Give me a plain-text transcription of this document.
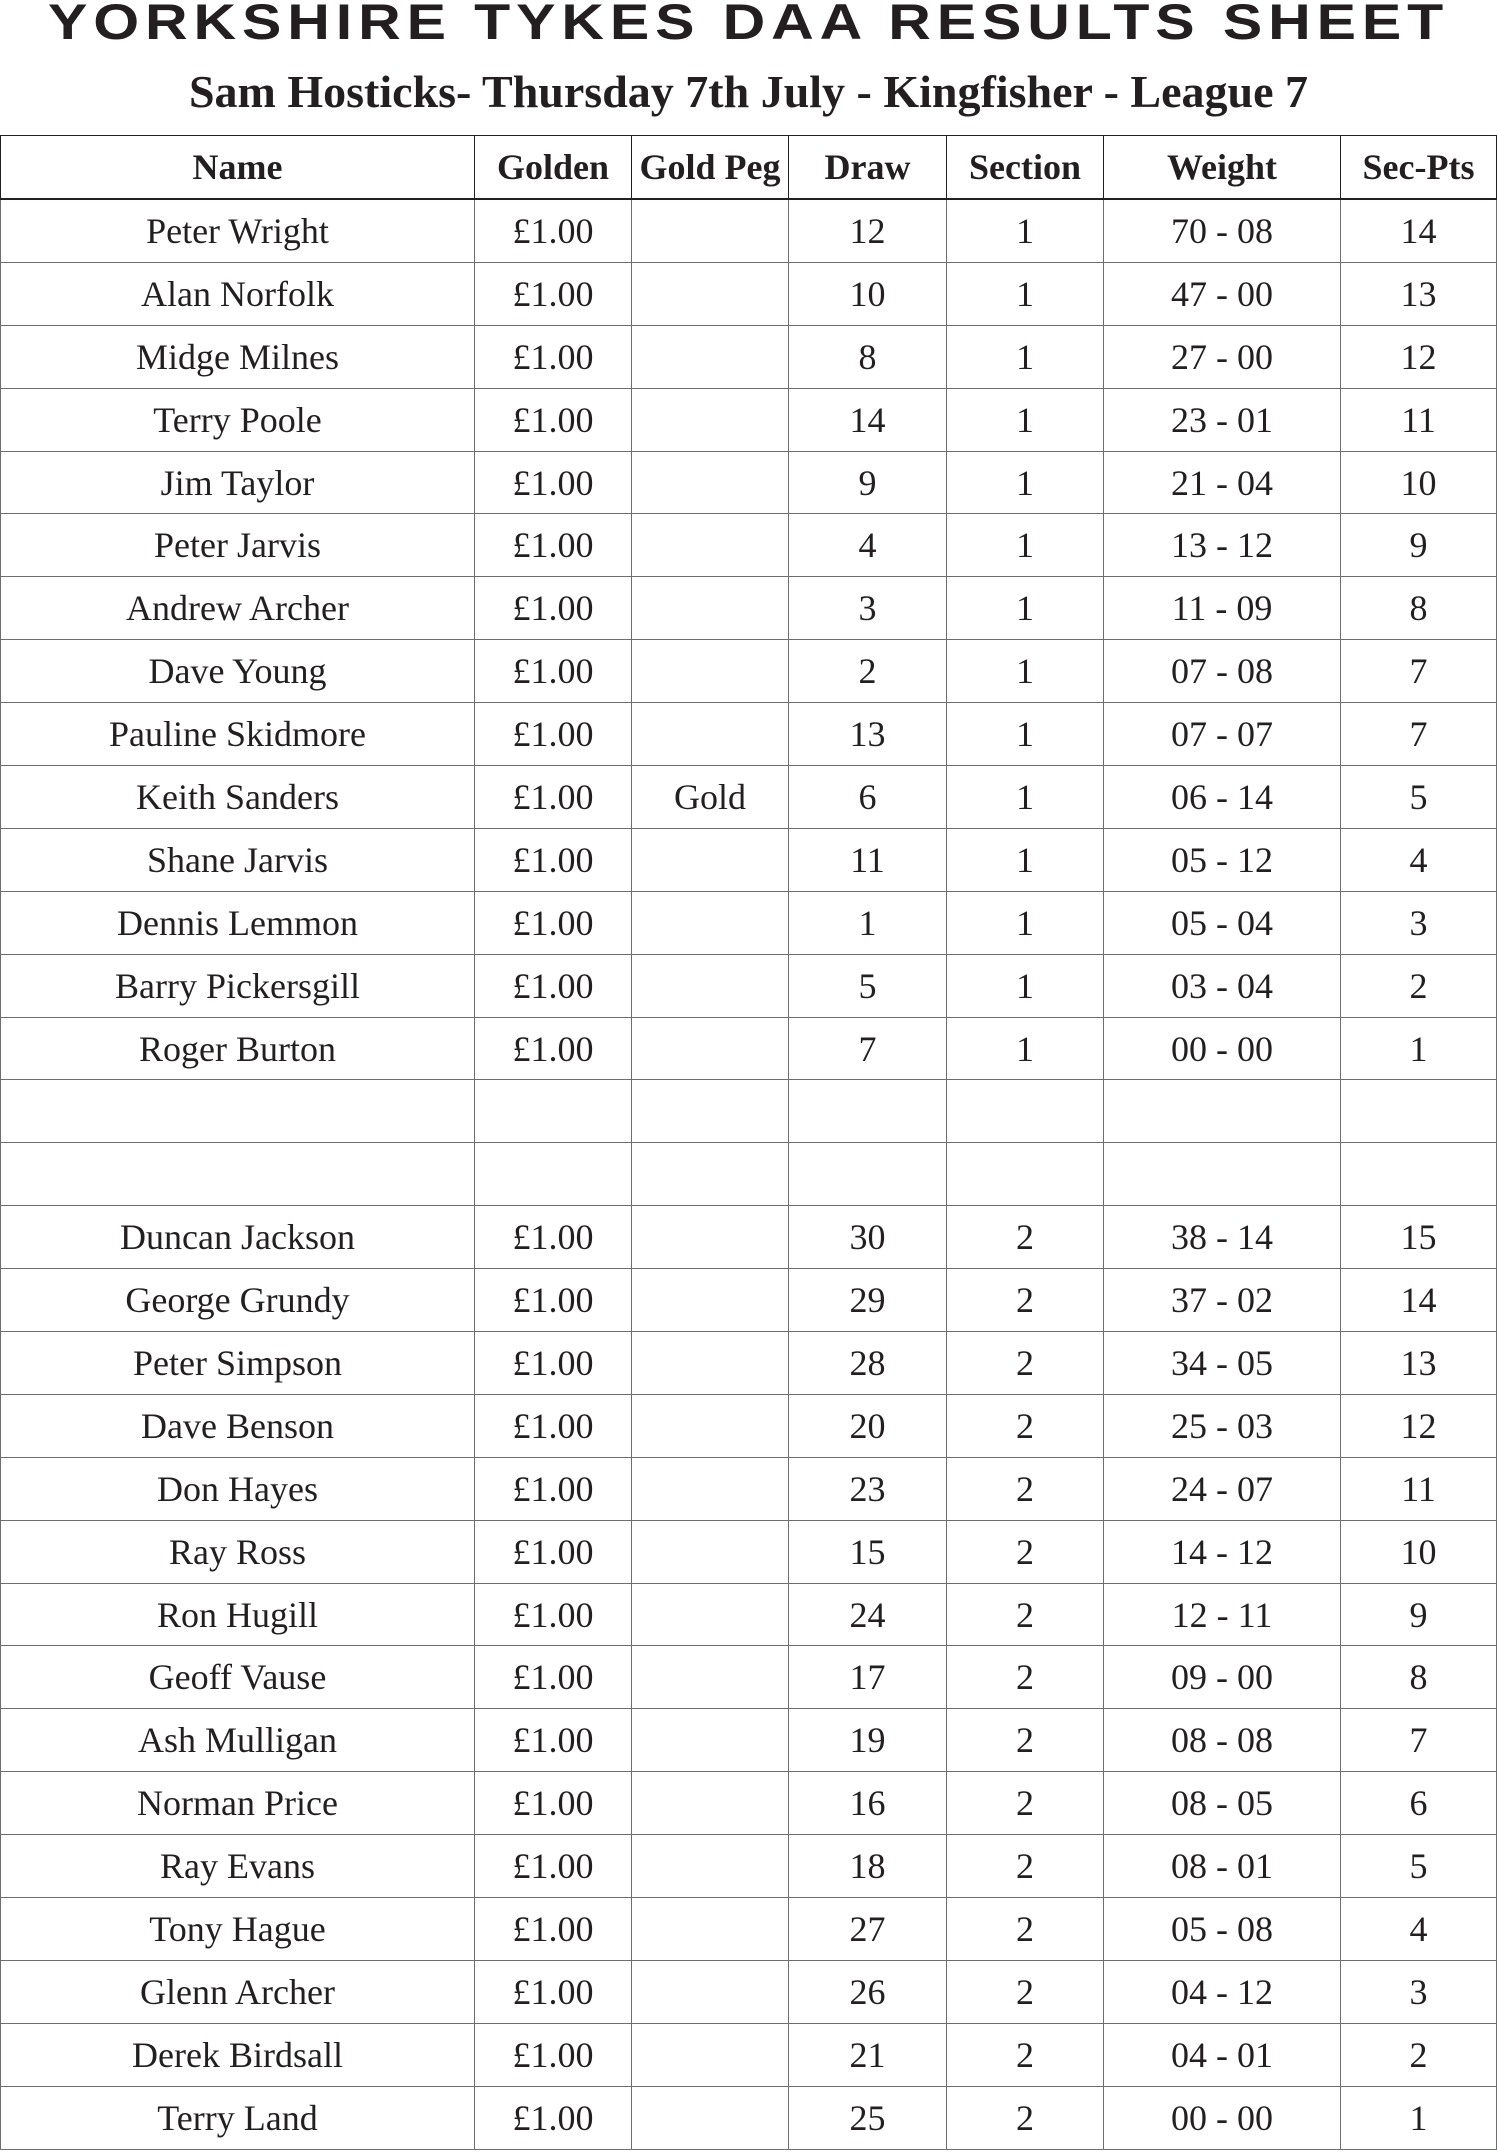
YORKSHIRE TYKES DAA RESULTS SHEET
Sam Hosticks- Thursday 7th July - Kingfisher - League 7
Name	Golden	Gold Peg	Draw	Section	Weight	Sec-Pts
Peter Wright	£1.00		12	1	70 - 08	14
Alan Norfolk	£1.00		10	1	47 - 00	13
Midge Milnes	£1.00		8	1	27 - 00	12
Terry Poole	£1.00		14	1	23 - 01	11
Jim Taylor	£1.00		9	1	21 - 04	10
Peter Jarvis	£1.00		4	1	13 - 12	9
Andrew Archer	£1.00		3	1	11 - 09	8
Dave Young	£1.00		2	1	07 - 08	7
Pauline Skidmore	£1.00		13	1	07 - 07	7
Keith Sanders	£1.00	Gold	6	1	06 - 14	5
Shane Jarvis	£1.00		11	1	05 - 12	4
Dennis Lemmon	£1.00		1	1	05 - 04	3
Barry Pickersgill	£1.00		5	1	03 - 04	2
Roger Burton	£1.00		7	1	00 - 00	1

Duncan Jackson	£1.00		30	2	38 - 14	15
George Grundy	£1.00		29	2	37 - 02	14
Peter Simpson	£1.00		28	2	34 - 05	13
Dave Benson	£1.00		20	2	25 - 03	12
Don Hayes	£1.00		23	2	24 - 07	11
Ray Ross	£1.00		15	2	14 - 12	10
Ron Hugill	£1.00		24	2	12 - 11	9
Geoff Vause	£1.00		17	2	09 - 00	8
Ash Mulligan	£1.00		19	2	08 - 08	7
Norman Price	£1.00		16	2	08 - 05	6
Ray Evans	£1.00		18	2	08 - 01	5
Tony Hague	£1.00		27	2	05 - 08	4
Glenn Archer	£1.00		26	2	04 - 12	3
Derek Birdsall	£1.00		21	2	04 - 01	2
Terry Land	£1.00		25	2	00 - 00	1
